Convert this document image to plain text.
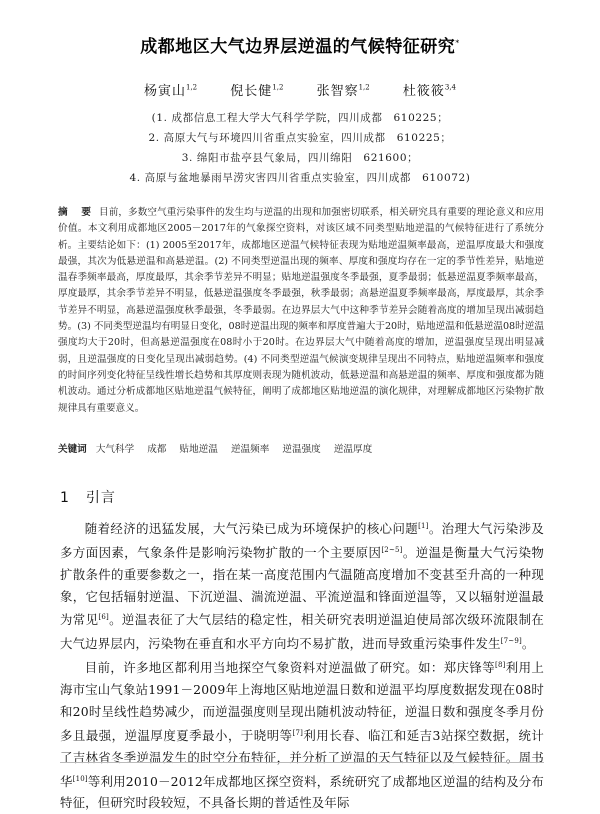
成都地区大气边界层逆温的气候特征研究*
杨寅山$^{1,2}$	倪长健$^{1,2}$	张智察$^{1,2}$	杜筱筱$^{3,4}$
(1. 成都信息工程大学大气科学学院，四川成都　610225；
2. 高原大气与环境四川省重点实验室，四川成都　610225；
3. 绵阳市盐亭县气象局，四川绵阳　621600；
4. 高原与盆地暴雨旱涝灾害四川省重点实验室，四川成都　610072)
摘　要 目前，多数空气重污染事件的发生均与逆温的出现和加强密切联系，相关研究具有重要的理论意义和应用价值。本文利用成都地区2005－2017年的气象探空资料，对该区域不同类型贴地逆温的气候特征进行了系统分析。主要结论如下：(1) 2005至2017年，成都地区逆温气候特征表现为贴地逆温频率最高，逆温厚度最大和强度最强，其次为低悬逆温和高悬逆温。(2) 不同类型逆温出现的频率、厚度和强度均存在一定的季节性差异，贴地逆温春季频率最高，厚度最厚，其余季节差异不明显；贴地逆温强度冬季最强，夏季最弱；低悬逆温夏季频率最高，厚度最厚，其余季节差异不明显，低悬逆温强度冬季最强，秋季最弱；高悬逆温夏季频率最高，厚度最厚，其余季节差异不明显，高悬逆温强度秋季最强，冬季最弱。在边界层大气中这种季节差异会随着高度的增加呈现出减弱趋势。(3) 不同类型逆温均有明显日变化，08时逆温出现的频率和厚度普遍大于20时，贴地逆温和低悬逆温08时逆温强度均大于20时，但高悬逆温强度在08时小于20时。在边界层大气中随着高度的增加，逆温强度呈现出明显减弱，且逆温强度的日变化呈现出减弱趋势。(4) 不同类型逆温气候演变规律呈现出不同特点，贴地逆温频率和强度的时间序列变化特征呈线性增长趋势和其厚度则表现为随机波动，低悬逆温和高悬逆温的频率、厚度和强度都为随机波动。通过分析成都地区贴地逆温气候特征，阐明了成都地区贴地逆温的演化规律，对理解成都地区污染物扩散规律具有重要意义。
关键词 大气科学 成都 贴地逆温 逆温频率 逆温强度 逆温厚度
1 引言

随着经济的迅猛发展，大气污染已成为环境保护的核心问题[1]。治理大气污染涉及多方面因素，气象条件是影响污染物扩散的一个主要原因[2~5]。逆温是衡量大气污染物扩散条件的重要参数之一，指在某一高度范围内气温随高度增加不变甚至升高的一种现象，它包括辐射逆温、下沉逆温、湍流逆温、平流逆温和锋面逆温等，又以辐射逆温最为常见[6]。逆温表征了大气层结的稳定性，相关研究表明逆温迫使局部次级环流限制在大气边界层内，污染物在垂直和水平方向均不易扩散，进而导致重污染事件发生[7~9]。

目前，许多地区都利用当地探空气象资料对逆温做了研究。如：郑庆锋等[8]利用上海市宝山气象站1991－2009年上海地区贴地逆温日数和逆温平均厚度数据发现在08时和20时呈线性趋势减少，而逆温强度则呈现出随机波动特征，逆温日数和强度冬季月份多且最强，逆温厚度夏季最小，于晓明等[7]利用长春、临江和延吉3站探空数据，统计了吉林省冬季逆温发生的时空分布特征，并分析了逆温的天气特征以及气候特征。周书华[10]等利用2010－2012年成都地区探空资料，系统研究了成都地区逆温的结构及分布特征，但研究时段较短，不具备长期的普适性及年际
